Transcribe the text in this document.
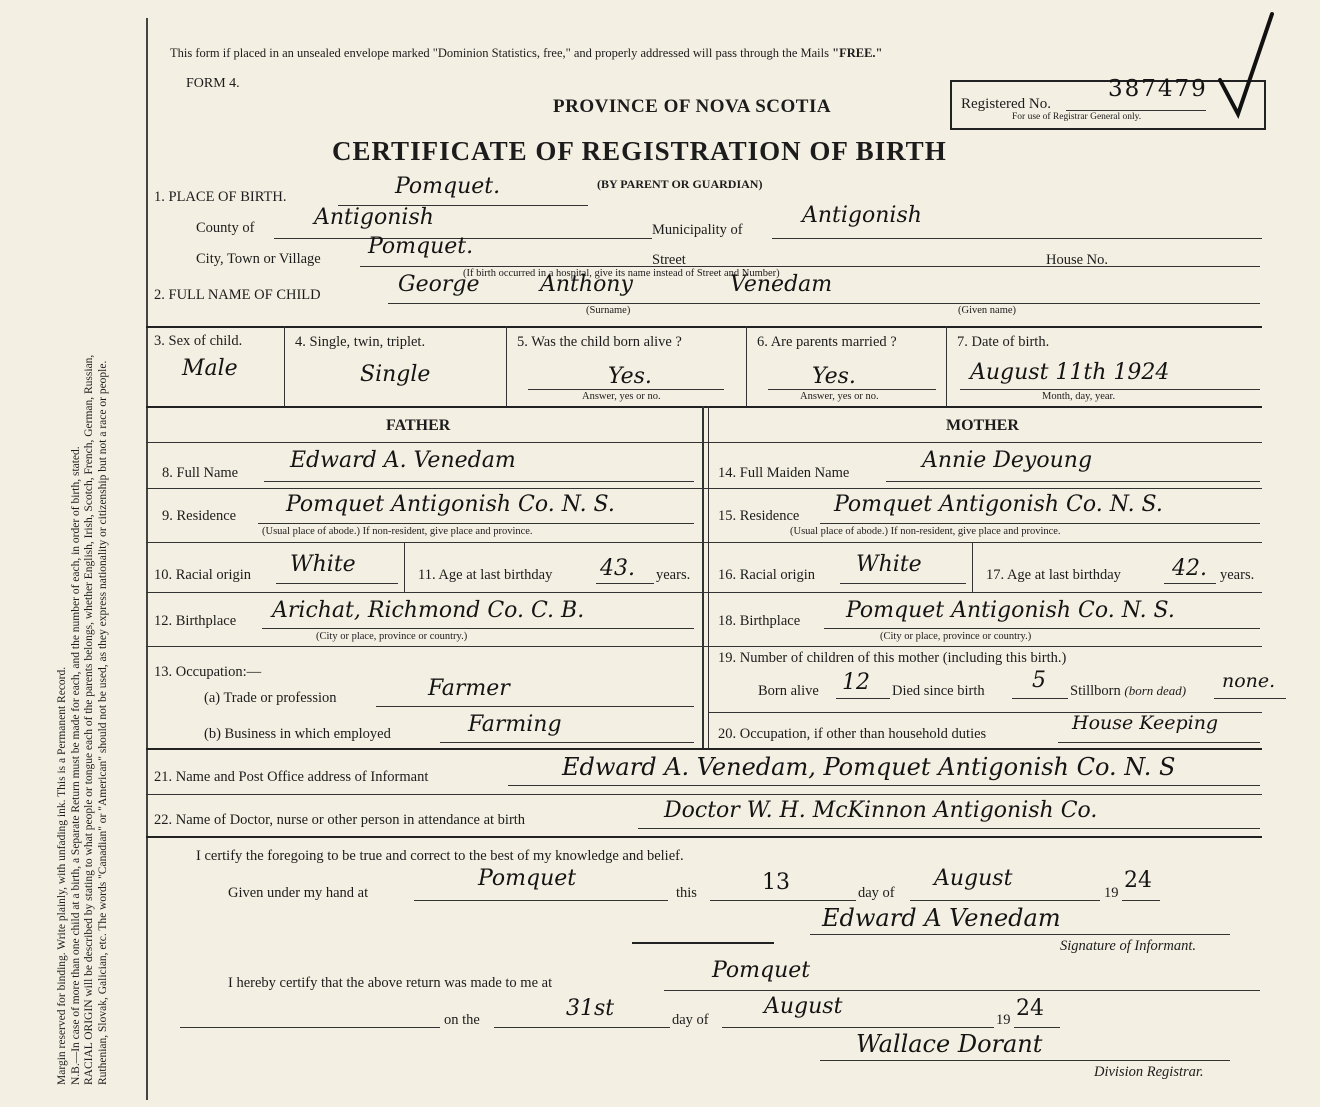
Margin reserved for binding. Write plainly, with unfading ink. This is a Permanent Record. N.B.—In case of more than one child at a birth, a Separate Return must be made for each, and the number of each, in order of birth, stated. RACIAL ORIGIN will be described by stating to what people or tongue each of the parents belongs, whether English, Irish, Scotch, French, German, Russian, Ruthenian, Slovak, Galician, etc. The words "Canadian" or "American" should not be used, as they express nationality or citizenship but not a race or people.
This form if placed in an unsealed envelope marked "Dominion Statistics, free," and properly addressed will pass through the Mails "FREE."
FORM 4.
PROVINCE OF NOVA SCOTIA
CERTIFICATE OF REGISTRATION OF BIRTH
(BY PARENT OR GUARDIAN)
Registered No.
387479
For use of Registrar General only.
1. PLACE OF BIRTH.	Pomquet.
County of	Antigonish	Municipality of
Antigonish
City, Town or Village Pomquet.
Street	House No.
(If birth occurred in a hospital, give its name instead of Street and Number)
2. FULL NAME OF CHILD	George	Anthony	Venedam
(Surname)	(Given name)
3. Sex of child.
Male
4. Single, twin, triplet.
Single
5. Was the child born alive ?
Yes.
Answer, yes or no.
6. Are parents married ?
Yes.
Answer, yes or no.
7. Date of birth.
August 11th 1924
Month, day, year.
FATHER	MOTHER
8. Full Name Edward A. Venedam	14. Full Maiden Name	Annie Deyoung
9. Residence Pomquet Antigonish Co. N. S.
(Usual place of abode.) If non-resident, give place and province.
15. Residence Pomquet Antigonish Co. N. S.
(Usual place of abode.) If non-resident, give place and province.
10. Racial origin White	11. Age at last birthday 43. years. 16. Racial origin White	17. Age at last birthday 42. years.
12. Birthplace Arichat, Richmond Co. C. B.
(City or place, province or country.)
18. Birthplace Pomquet Antigonish Co. N. S.
(City or place, province or country.)
13. Occupation:—
(a) Trade or profession	Farmer
(b) Business in which employed	Farming
19. Number of children of this mother (including this birth.)
Born alive 12 Died since birth 5 Stillborn (born dead) none.
20. Occupation, if other than household duties	House Keeping
21. Name and Post Office address of Informant	Edward A. Venedam, Pomquet Antigonish Co. N. S
22. Name of Doctor, nurse or other person in attendance at birth	Doctor W. H. McKinnon Antigonish Co.
I certify the foregoing to be true and correct to the best of my knowledge and belief.
Given under my hand at
Pomquet
this	13	day of
August
19 24
Edward A Venedam
Signature of Informant.
I hereby certify that the above return was made to me at	Pomquet
on the	31st	day of
August
19 24
Wallace Dorant
Division Registrar.
